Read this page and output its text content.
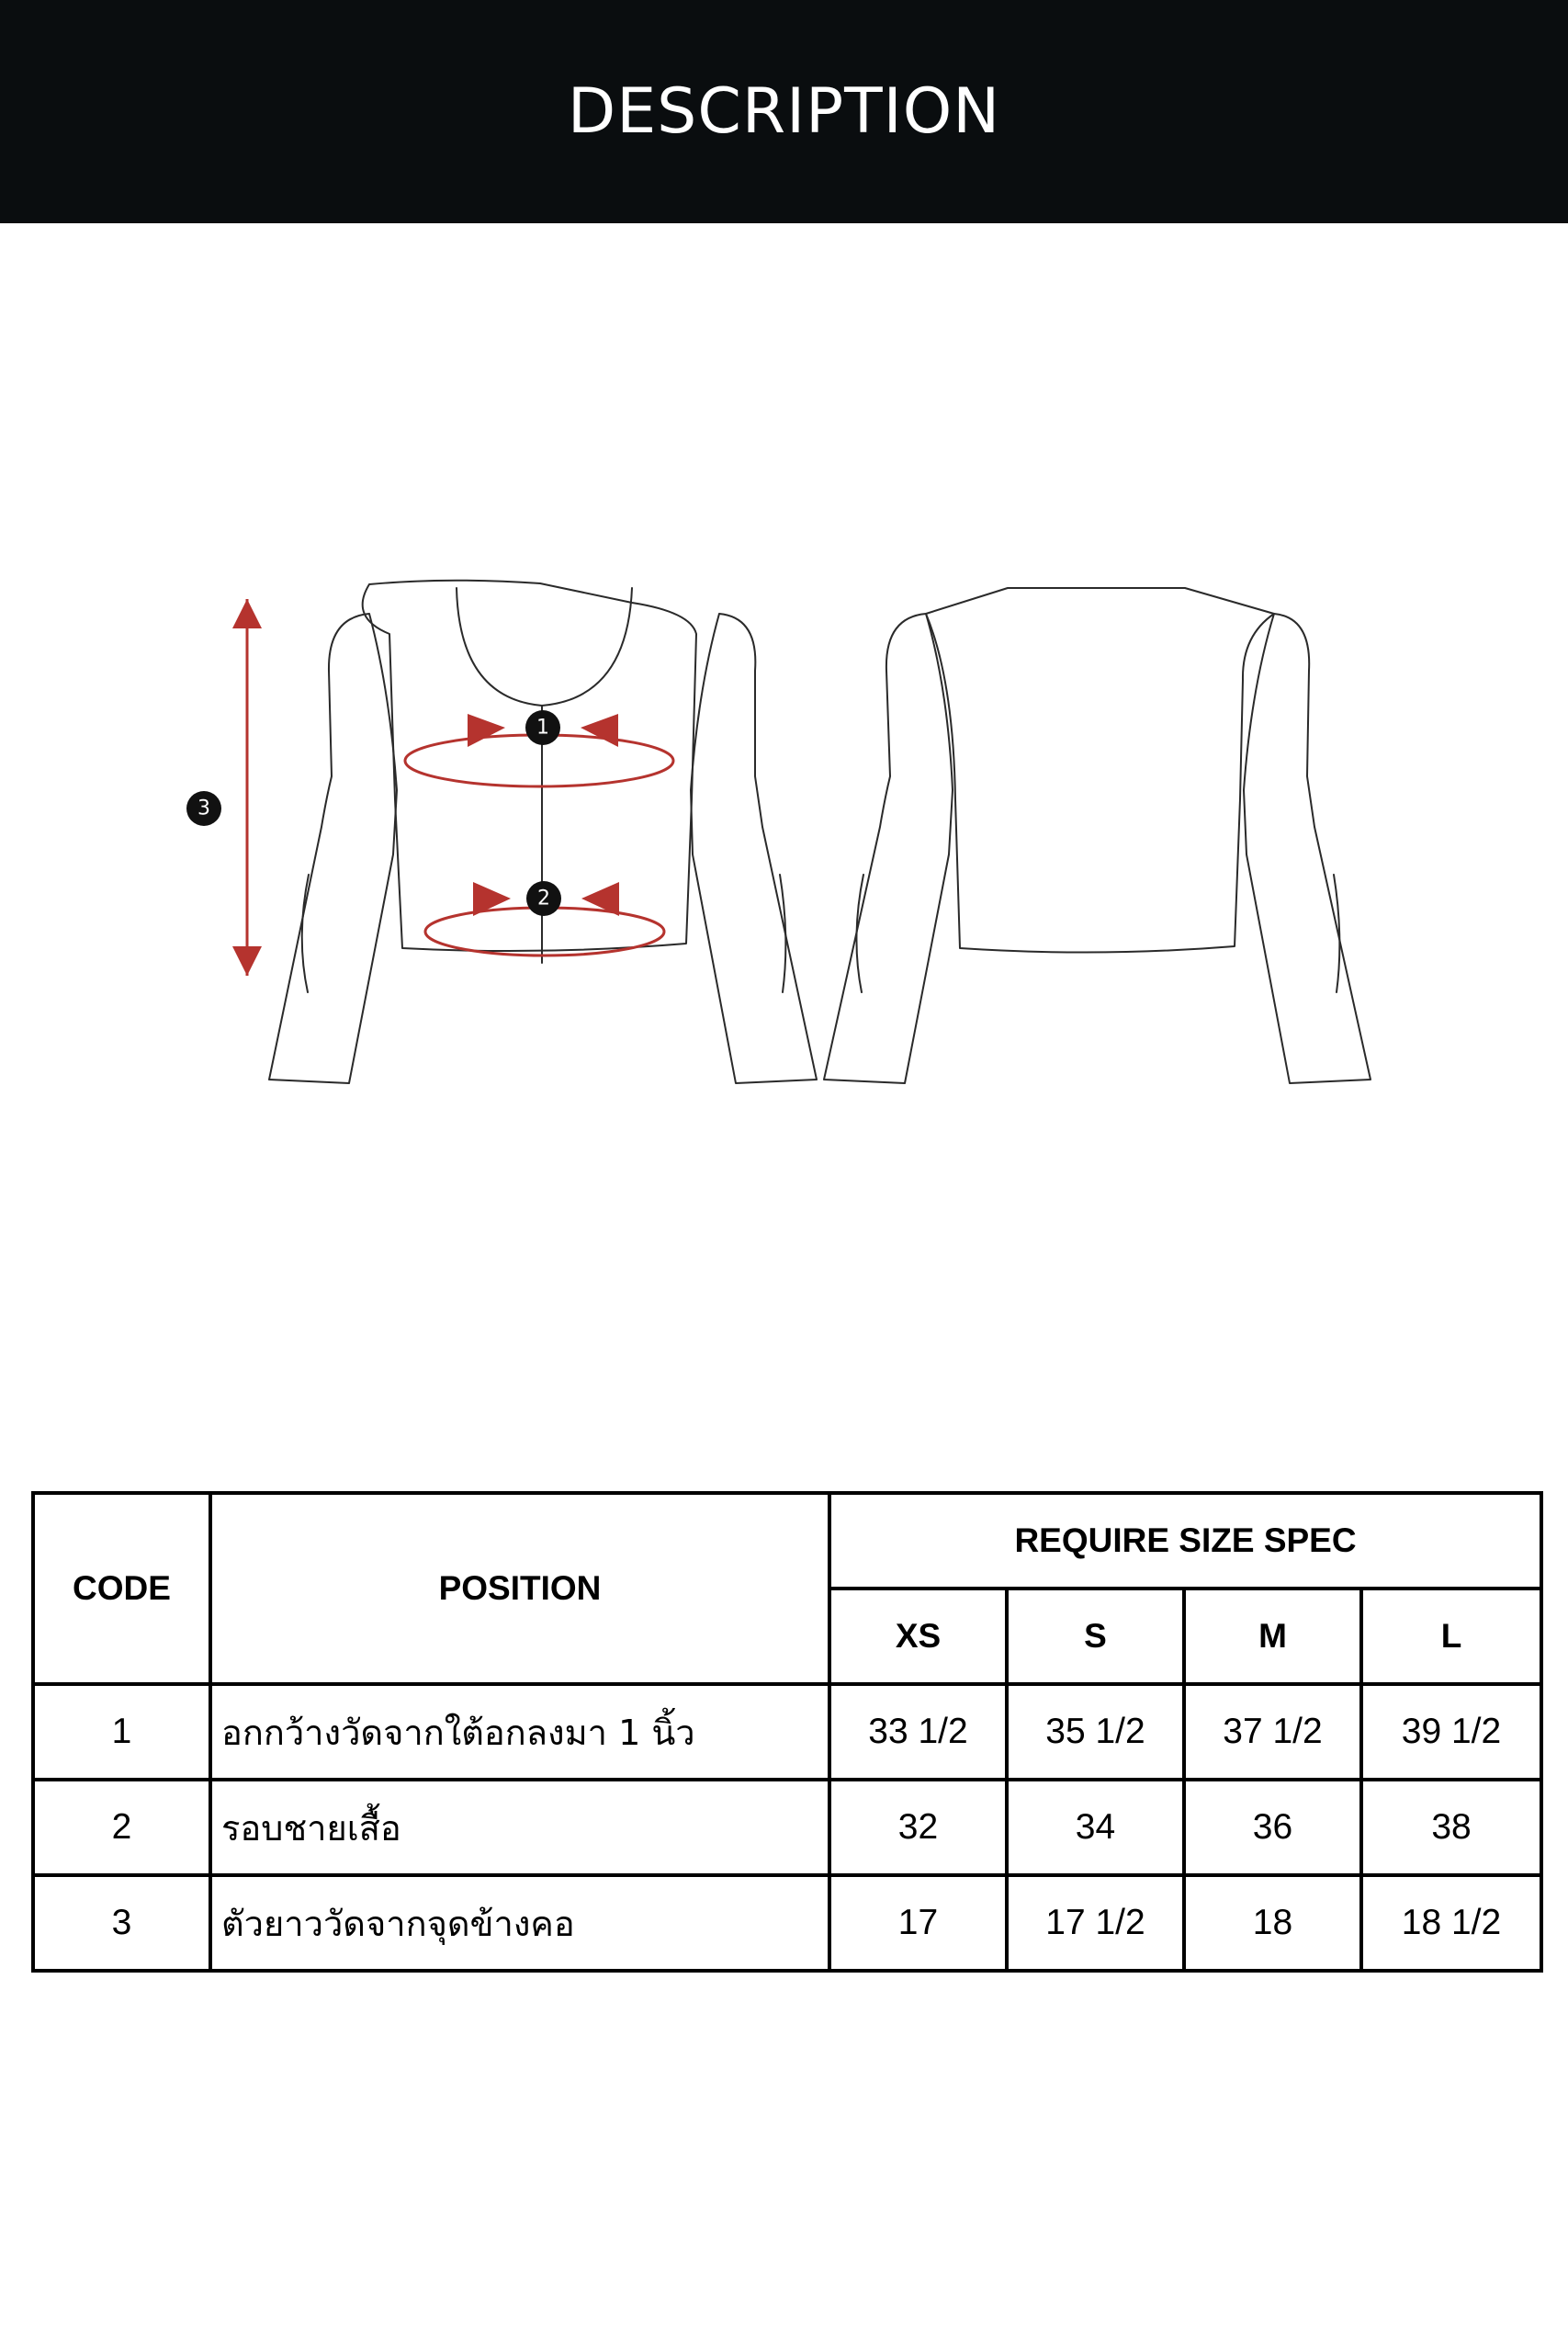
DESCRIPTION
1
2
3
CODE	POSITION	REQUIRE SIZE SPEC			
		XS	S	M	L
1	อกกว้างวัดจากใต้อกลงมา 1 นิ้ว	33 1/2	35 1/2	37 1/2	39 1/2
2	รอบชายเสื้อ	32	34	36	38
3	ตัวยาววัดจากจุดข้างคอ	17	17 1/2	18	18 1/2
